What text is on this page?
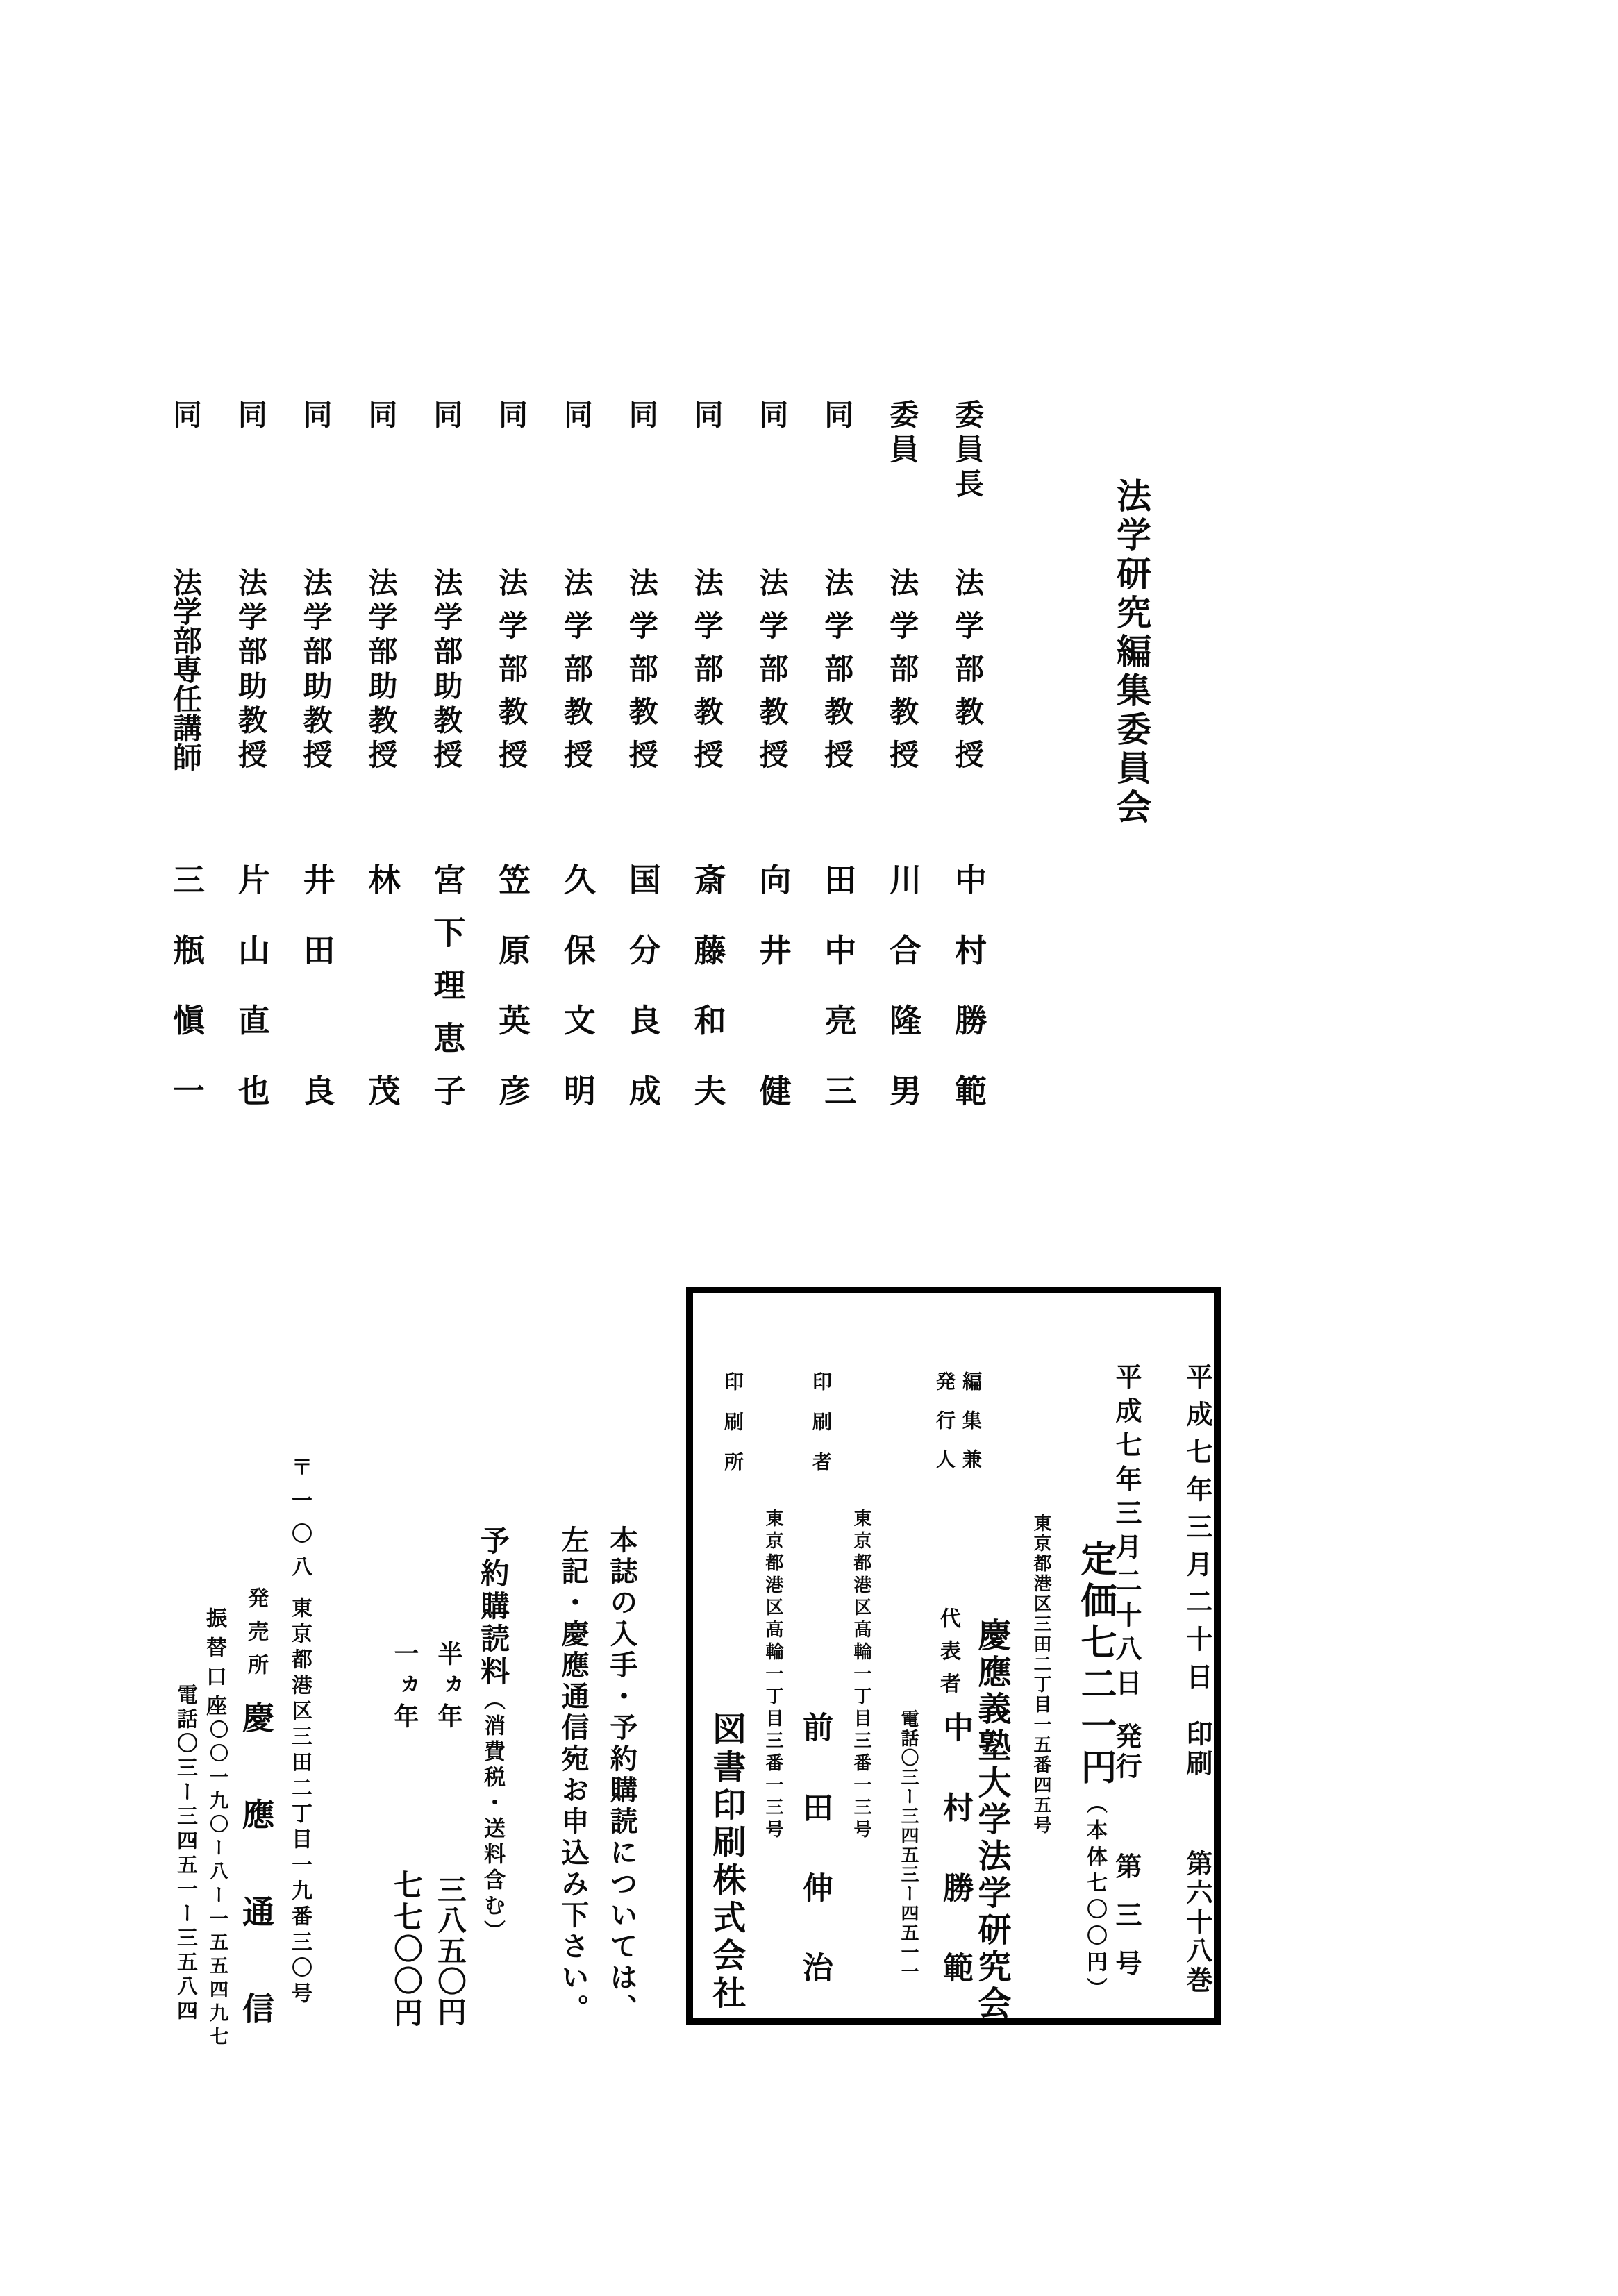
法学研究編集委員会
委員長
法学部教授
中村勝範
委員
法学部教授
川合隆男
同
法学部教授
田中亮三
同
法学部教授
向井　健
同
法学部教授
斎藤和夫
同
法学部教授
国分良成
同
法学部教授
久保文明
同
法学部教授
笠原英彦
同
法学部助教授
宮下理恵子
同
法学部助教授
林　　茂
同
法学部助教授
井田　良
同
法学部助教授
片山直也
同
法学部専任講師
三瓶愼一
平成七年三月二十日 印刷 第六十八巻
平成七年三月二十八日 発行 第三号
東京都港区三田二丁目一五番四五号 定価七二一円 （本体七〇〇円）
編集兼
発行人
慶應義塾大学法学研究会
代表者
中村勝範
電話〇三ー三四五三ー四五一一
印刷者
東京都港区高輪一丁目三番一三号
前田伸治
印刷所
東京都港区高輪一丁目三番一三号
図書印刷株式会社
本誌の入手・予約購読については、
左記・慶應通信宛お申込み下さい。
予約購読料（消費税・送料含む）
半ヵ年
三八五〇円
一ヵ年
七七〇〇円
〒一〇八東京都港区三田二丁目一九番三〇号
発売所
慶應通信
振替口座
〇〇一九〇ー八ー一五五四九七
電話〇三ー三四五一ー三五八四
